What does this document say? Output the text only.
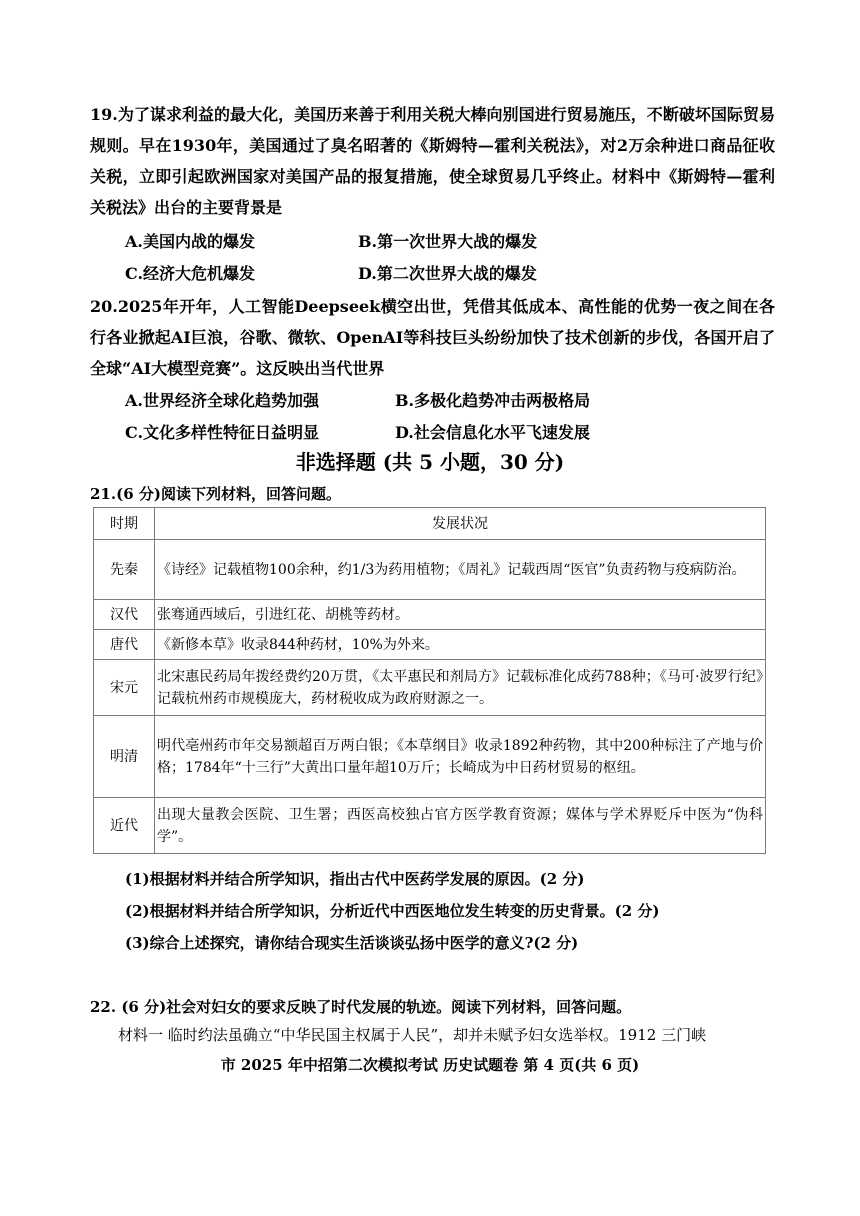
19.为了谋求利益的最大化，美国历来善于利用关税大棒向别国进行贸易施压，不断破坏国际贸易规则。早在1930年，美国通过了臭名昭著的《斯姆特—霍利关税法》，对2万余种进口商品征收关税，立即引起欧洲国家对美国产品的报复措施，使全球贸易几乎终止。材料中《斯姆特—霍利关税法》出台的主要背景是
A.美国内战的爆发	B.第一次世界大战的爆发
C.经济大危机爆发	D.第二次世界大战的爆发
20.2025年开年，人工智能Deepseek横空出世，凭借其低成本、高性能的优势一夜之间在各行各业掀起AI巨浪，谷歌、微软、OpenAI等科技巨头纷纷加快了技术创新的步伐，各国开启了全球“AI大模型竞赛”。这反映出当代世界
A.世界经济全球化趋势加强	B.多极化趋势冲击两极格局
C.文化多样性特征日益明显	D.社会信息化水平飞速发展
非选择题 (共 5 小题，30 分)
21.(6 分)阅读下列材料，回答问题。
时期	发展状况
先秦	《诗经》记载植物100余种，约1/3为药用植物；《周礼》记载西周“医官”负责药物与疫病防治。
汉代	张骞通西域后，引进红花、胡桃等药材。
唐代	《新修本草》收录844种药材，10%为外来。
宋元	北宋惠民药局年拨经费约20万贯，《太平惠民和剂局方》记载标准化成药788种；《马可·波罗行纪》记载杭州药市规模庞大，药材税收成为政府财源之一。
明清	明代亳州药市年交易额超百万两白银；《本草纲目》收录1892种药物，其中200种标注了产地与价格；1784年“十三行”大黄出口量年超10万斤；长崎成为中日药材贸易的枢纽。
近代	出现大量教会医院、卫生署；西医高校独占官方医学教育资源；媒体与学术界贬斥中医为“伪科学”。
(1)根据材料并结合所学知识，指出古代中医药学发展的原因。(2 分)
(2)根据材料并结合所学知识，分析近代中西医地位发生转变的历史背景。(2 分)
(3)综合上述探究，请你结合现实生活谈谈弘扬中医学的意义?(2 分)
22. (6 分)社会对妇女的要求反映了时代发展的轨迹。阅读下列材料，回答问题。
材料一 临时约法虽确立“中华民国主权属于人民”，却并未赋予妇女选举权。1912 三门峡
市 2025 年中招第二次模拟考试 历史试题卷 第 4 页(共 6 页)
